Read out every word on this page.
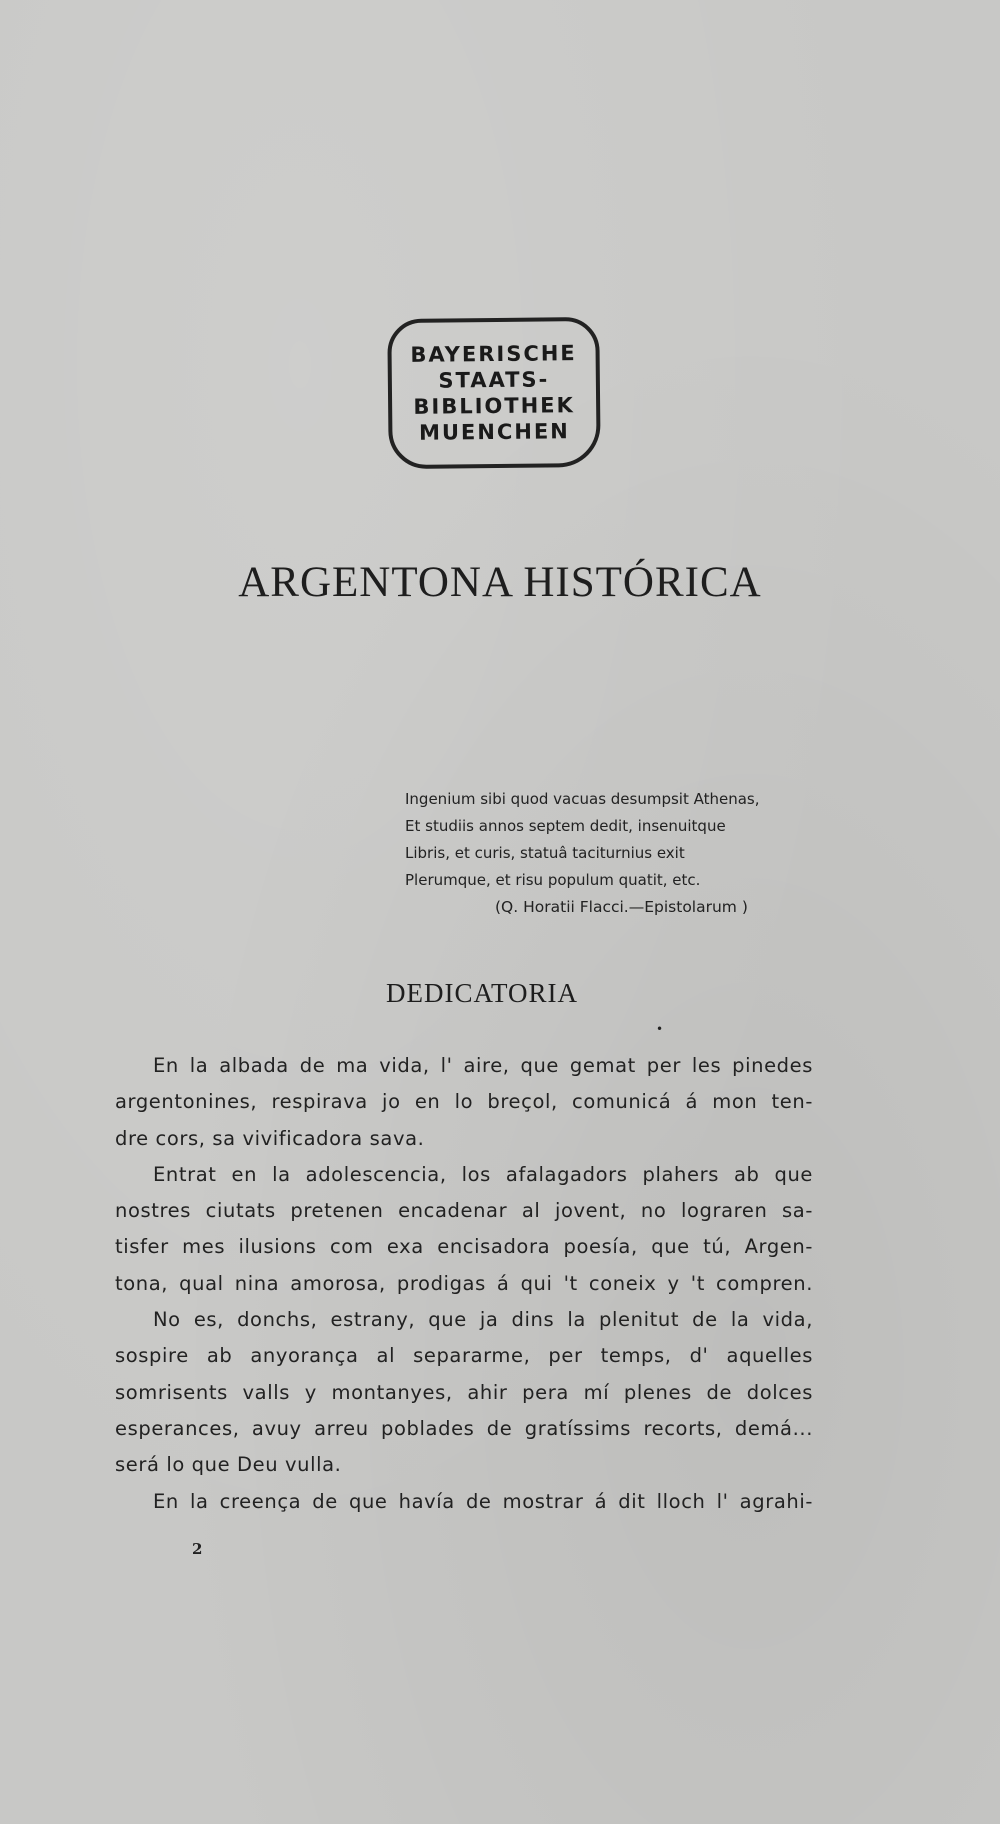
BAYERISCHE
STAATS-
BIBLIOTHEK
MUENCHEN
ARGENTONA HISTÓRICA
Ingenium sibi quod vacuas desumpsit Athenas,
Et studiis annos septem dedit, insenuitque
Libris, et curis, statuâ taciturnius exit
Plerumque, et risu populum quatit, etc.
(Q. Horatii Flacci.—Epistolarum )
DEDICATORIA
•
En la albada de ma vida, l' aire, que gemat per les pinedes
argentonines, respirava jo en lo breçol, comunicá á mon ten-
dre cors, sa vivificadora sava.
Entrat en la adolescencia, los afalagadors plahers ab que
nostres ciutats pretenen encadenar al jovent, no lograren sa-
tisfer mes ilusions com exa encisadora poesía, que tú, Argen-
tona, qual nina amorosa, prodigas á qui 't coneix y 't compren.
No es, donchs, estrany, que ja dins la plenitut de la vida,
sospire ab anyorança al separarme, per temps, d' aquelles
somrisents valls y montanyes, ahir pera mí plenes de dolces
esperances, avuy arreu poblades de gratíssims recorts, demá...
será lo que Deu vulla.
En la creença de que havía de mostrar á dit lloch l' agrahi-
2
